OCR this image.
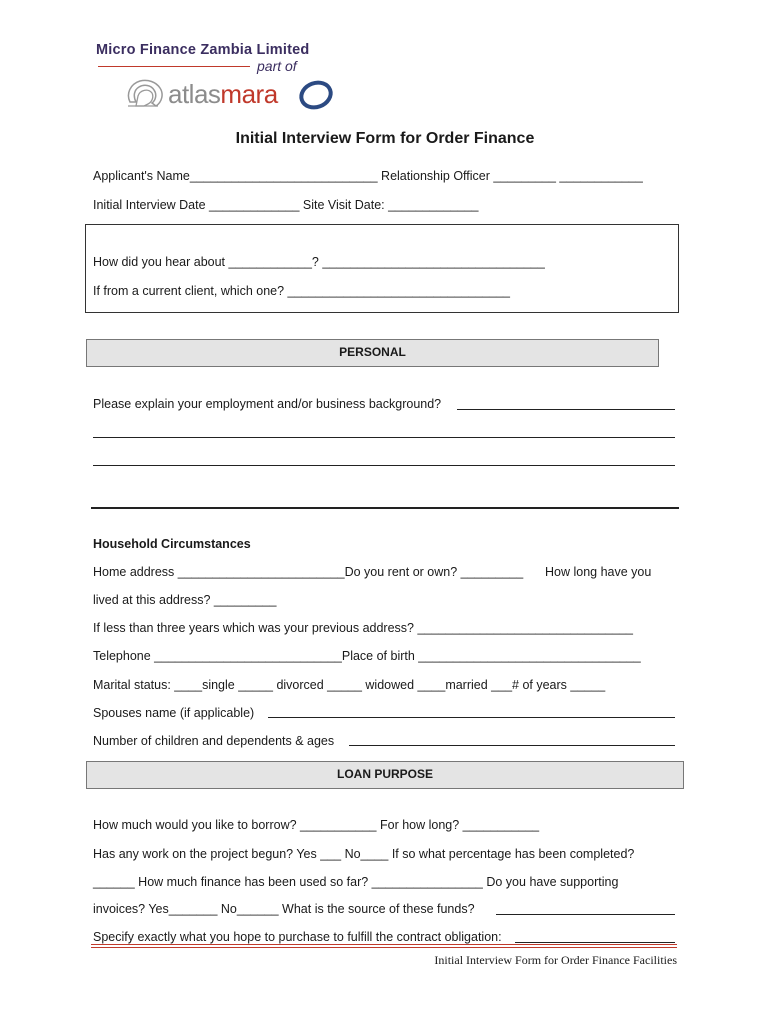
Micro Finance Zambia Limited
part of
atlasmara
Initial Interview Form for Order Finance
Applicant's Name___________________________ Relationship Officer _________ ____________
Initial Interview Date _____________ Site Visit Date: _____________
How did you hear about ____________? ________________________________
If from a current client, which one? ________________________________
PERSONAL
Please explain your employment and/or business background?
Household Circumstances
Home address ________________________Do you rent or own? _________ How long have you
lived at this address? _________
If less than three years which was your previous address? _______________________________
Telephone ___________________________Place of birth ________________________________
Marital status: ____single _____ divorced _____ widowed ____married ___# of years _____
Spouses name (if applicable)
Number of children and dependents & ages
LOAN PURPOSE
How much would you like to borrow? ___________ For how long? ___________
Has any work on the project begun? Yes ___ No____ If so what percentage has been completed?
______ How much finance has been used so far? ________________ Do you have supporting
invoices? Yes_______ No______ What is the source of these funds?
Specify exactly what you hope to purchase to fulfill the contract obligation:
Initial Interview Form for Order Finance Facilities
